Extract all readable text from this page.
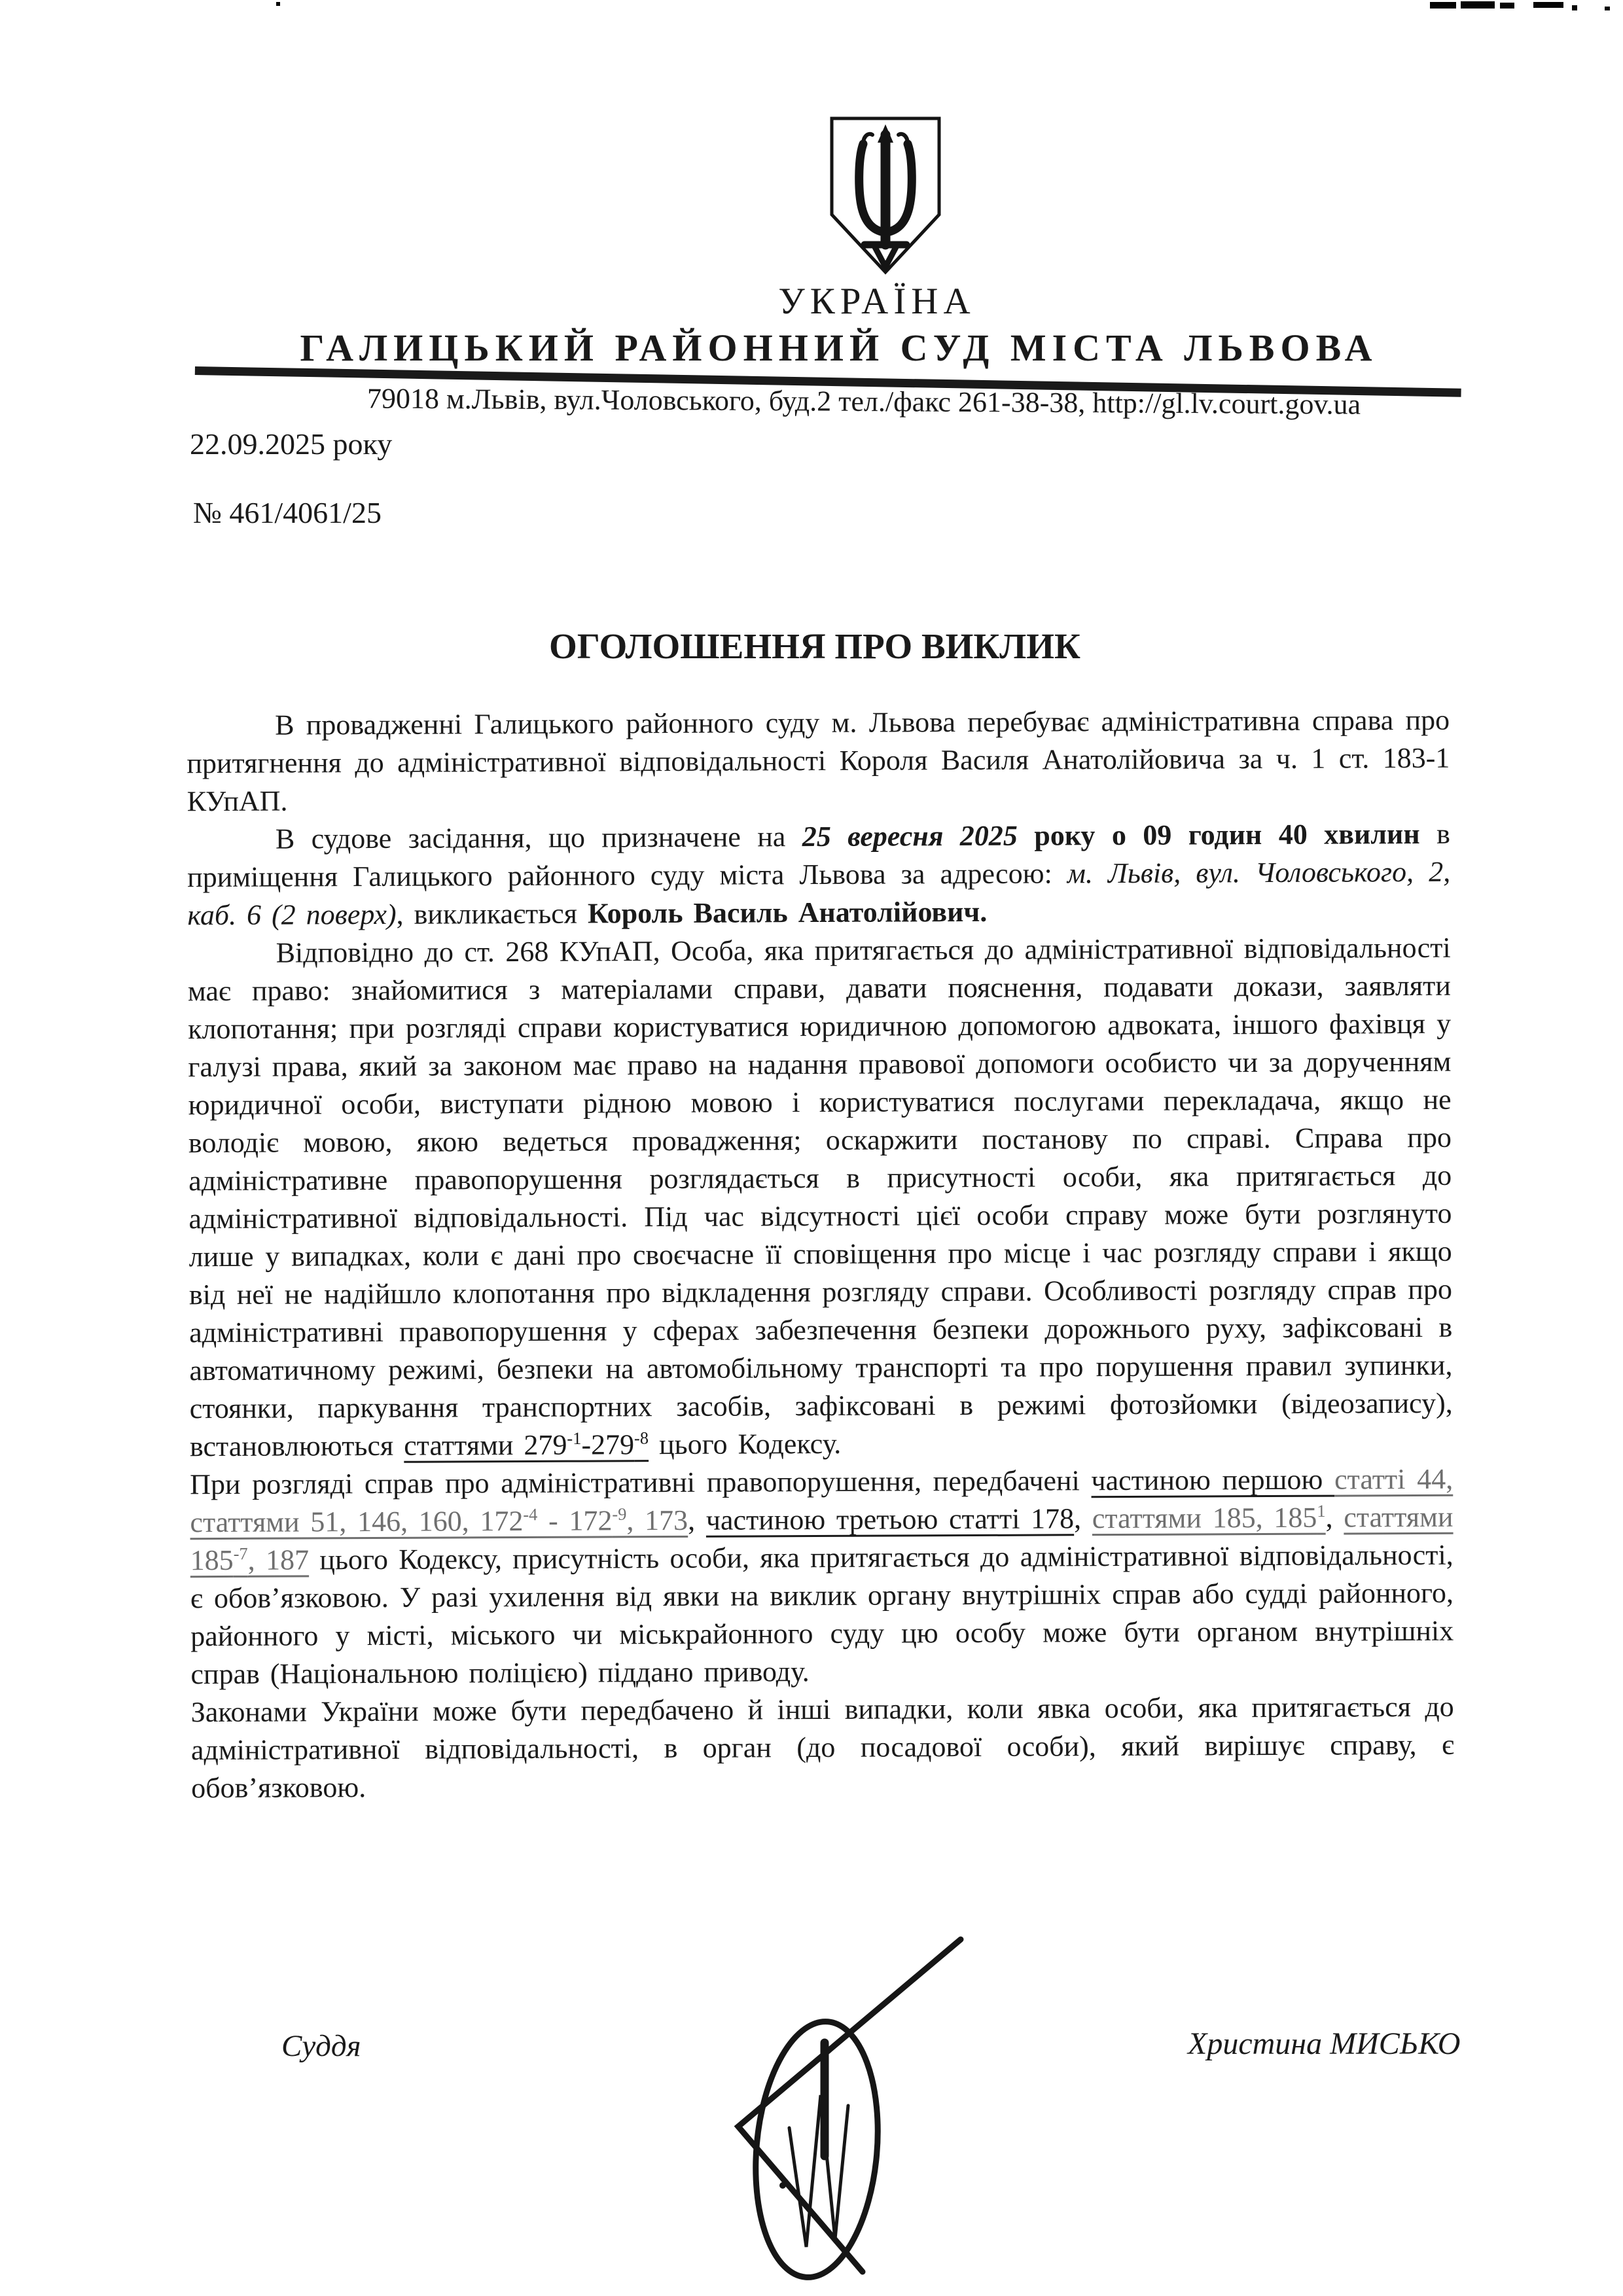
УКРАЇНА
ГАЛИЦЬКИЙ РАЙОННИЙ СУД МІСТА ЛЬВОВА
79018 м.Львів, вул.Чоловського, буд.2 тел./факс 261-38-38, http://gl.lv.court.gov.ua
22.09.2025 року
№ 461/4061/25
ОГОЛОШЕННЯ ПРО ВИКЛИК

В провадженні Галицького районного суду м. Львова перебуває адміністративна справа про притягнення до адміністративної відповідальності Короля Василя Анатолійовича за ч. 1 ст. 183-1 КУпАП.

В судове засідання, що призначене на 25 вересня 2025 року о 09 годин 40 хвилин в приміщення Галицького районного суду міста Львова за адресою: м. Львів, вул. Чоловського, 2, каб. 6 (2 поверх), викликається Король Василь Анатолійович.

Відповідно до ст. 268 КУпАП, Особа, яка притягається до адміністративної відповідальності має право: знайомитися з матеріалами справи, давати пояснення, подавати докази, заявляти клопотання; при розгляді справи користуватися юридичною допомогою адвоката, іншого фахівця у галузі права, який за законом має право на надання правової допомоги особисто чи за дорученням юридичної особи, виступати рідною мовою і користуватися послугами перекладача, якщо не володіє мовою, якою ведеться провадження; оскаржити постанову по справі. Справа про адміністративне правопорушення розглядається в присутності особи, яка притягається до адміністративної відповідальності. Під час відсутності цієї особи справу може бути розглянуто лише у випадках, коли є дані про своєчасне її сповіщення про місце і час розгляду справи і якщо від неї не надійшло клопотання про відкладення розгляду справи. Особливості розгляду справ про адміністративні правопорушення у сферах забезпечення безпеки дорожнього руху, зафіксовані в автоматичному режимі, безпеки на автомобільному транспорті та про порушення правил зупинки, стоянки, паркування транспортних засобів, зафіксовані в режимі фотозйомки (відеозапису), встановлюються статтями $279^{-1}-279^{-8}$ цього Кодексу.

При розгляді справ про адміністративні правопорушення, передбачені частиною першою статті 44, статтями 51, 146, 160, $172^{-4} - 172^{-9}$, 173, частиною третьою статті 178, статтями 185, $185^1$, статтями $185^{-7}$, 187 цього Кодексу, присутність особи, яка притягається до адміністративної відповідальності, є обов’язковою. У разі ухилення від явки на виклик органу внутрішніх справ або судді районного, районного у місті, міського чи міськрайонного суду цю особу може бути органом внутрішніх справ (Національною поліцією) піддано приводу.

Законами України може бути передбачено й інші випадки, коли явка особи, яка притягається до адміністративної відповідальності, в орган (до посадової особи), який вирішує справу, є обов’язковою.

Суддя	Христина МИСЬКО
